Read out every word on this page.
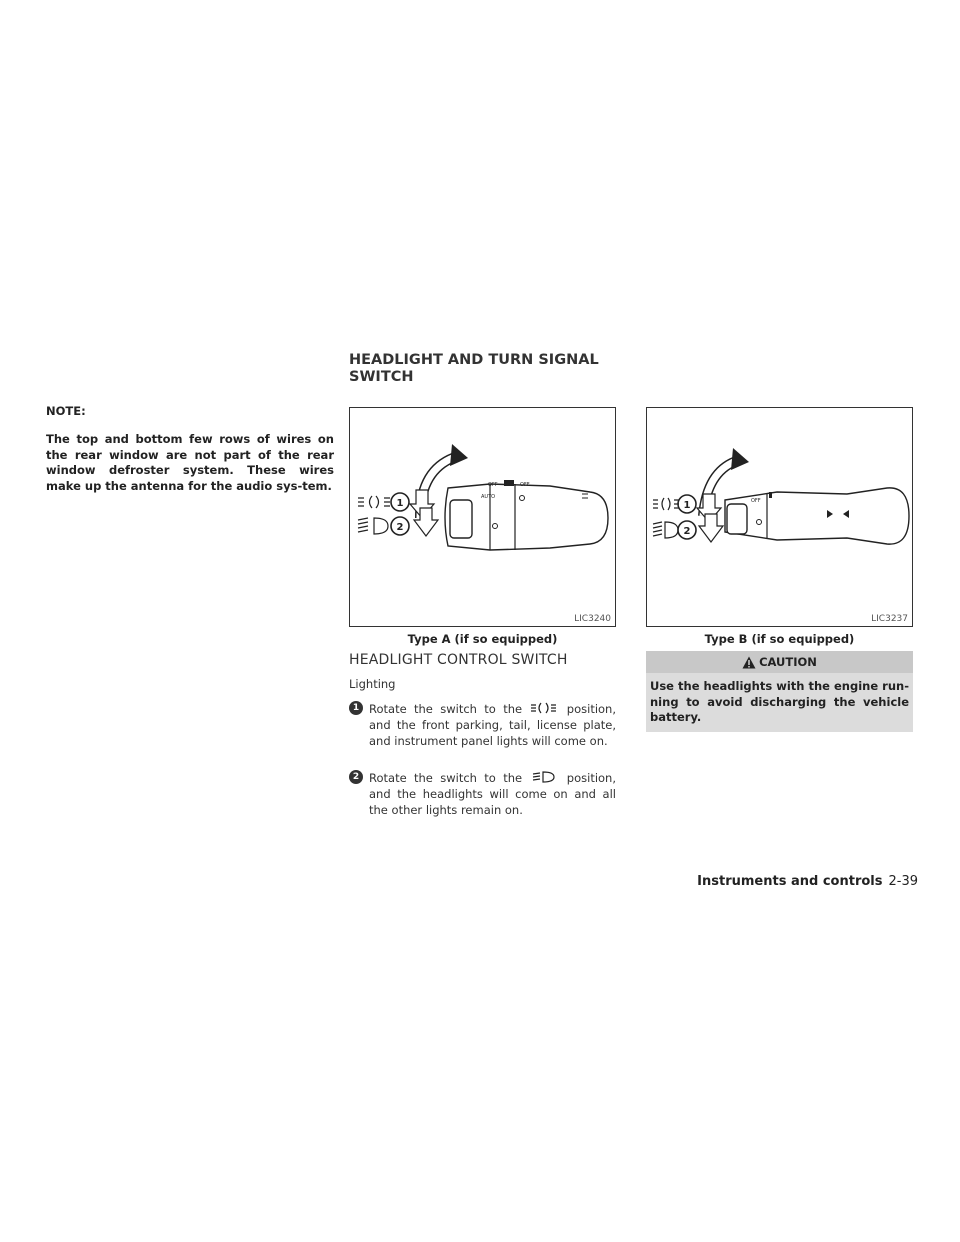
HEADLIGHT AND TURN SIGNAL SWITCH
NOTE:
The top and bottom few rows of wires on the rear window are not part of the rear window defroster system. These wires make up the antenna for the audio sys-tem.
AUTO
OFF	OFF
1
2
LIC3240
Type A (if so equipped)
OFF
1
2
LIC3237
Type B (if so equipped)
HEADLIGHT CONTROL SWITCH
Lighting
1 Rotate the switch to the	position, and the front parking, tail, license plate, and instrument panel lights will come on.
2 Rotate the switch to the	position, and the headlights will come on and all the other lights remain on.
CAUTION
Use the headlights with the engine run-ning to avoid discharging the vehicle battery.
Instruments and controls 2-39
